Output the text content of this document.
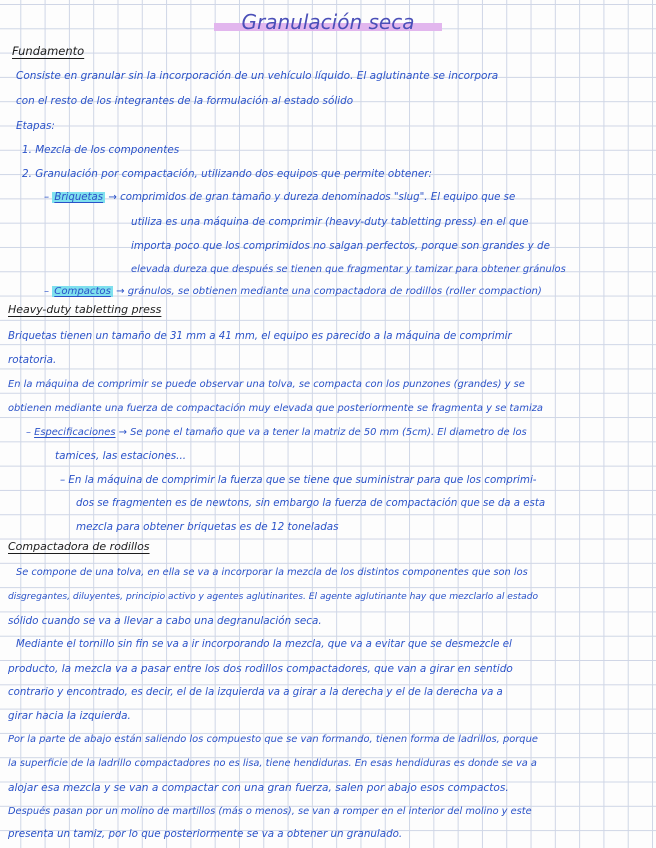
Granulación seca
Fundamento
Consiste en granular sin la incorporación de un vehículo líquido. El aglutinante se incorpora
con el resto de los integrantes de la formulación al estado sólido
Etapas:
1. Mezcla de los componentes
2. Granulación por compactación, utilizando dos equipos que permite obtener:
– Briquetas → comprimidos de gran tamaño y dureza denominados "slug". El equipo que se
utiliza es una máquina de comprimir (heavy-duty tabletting press) en el que
importa poco que los comprimidos no salgan perfectos, porque son grandes y de
elevada dureza que después se tienen que fragmentar y tamizar para obtener gránulos
– Compactos → gránulos, se obtienen mediante una compactadora de rodillos (roller compaction)
Heavy-duty tabletting press
Briquetas tienen un tamaño de 31 mm a 41 mm, el equipo es parecido a la máquina de comprimir
rotatoria.
En la máquina de comprimir se puede observar una tolva, se compacta con los punzones (grandes) y se
obtienen mediante una fuerza de compactación muy elevada que posteriormente se fragmenta y se tamiza
– Especificaciones → Se pone el tamaño que va a tener la matriz de 50 mm (5cm). El diametro de los
tamices, las estaciones...
– En la máquina de comprimir la fuerza que se tiene que suministrar para que los comprimi-
dos se fragmenten es de newtons, sin embargo la fuerza de compactación que se da a esta
mezcla para obtener briquetas es de 12 toneladas
Compactadora de rodillos
Se compone de una tolva, en ella se va a incorporar la mezcla de los distintos componentes que son los
disgregantes, diluyentes, principio activo y agentes aglutinantes. El agente aglutinante hay que mezclarlo al estado
sólido cuando se va a llevar a cabo una degranulación seca.
Mediante el tornillo sin fin se va a ir incorporando la mezcla, que va a evitar que se desmezcle el
producto, la mezcla va a pasar entre los dos rodillos compactadores, que van a girar en sentido
contrario y encontrado, es decir, el de la izquierda va a girar a la derecha y el de la derecha va a
girar hacia la izquierda.
Por la parte de abajo están saliendo los compuesto que se van formando, tienen forma de ladrillos, porque
la superficie de la ladrillo compactadores no es lisa, tiene hendiduras. En esas hendiduras es donde se va a
alojar esa mezcla y se van a compactar con una gran fuerza, salen por abajo esos compactos.
Después pasan por un molino de martillos (más o menos), se van a romper en el interior del molino y este
presenta un tamiz, por lo que posteriormente se va a obtener un granulado.
